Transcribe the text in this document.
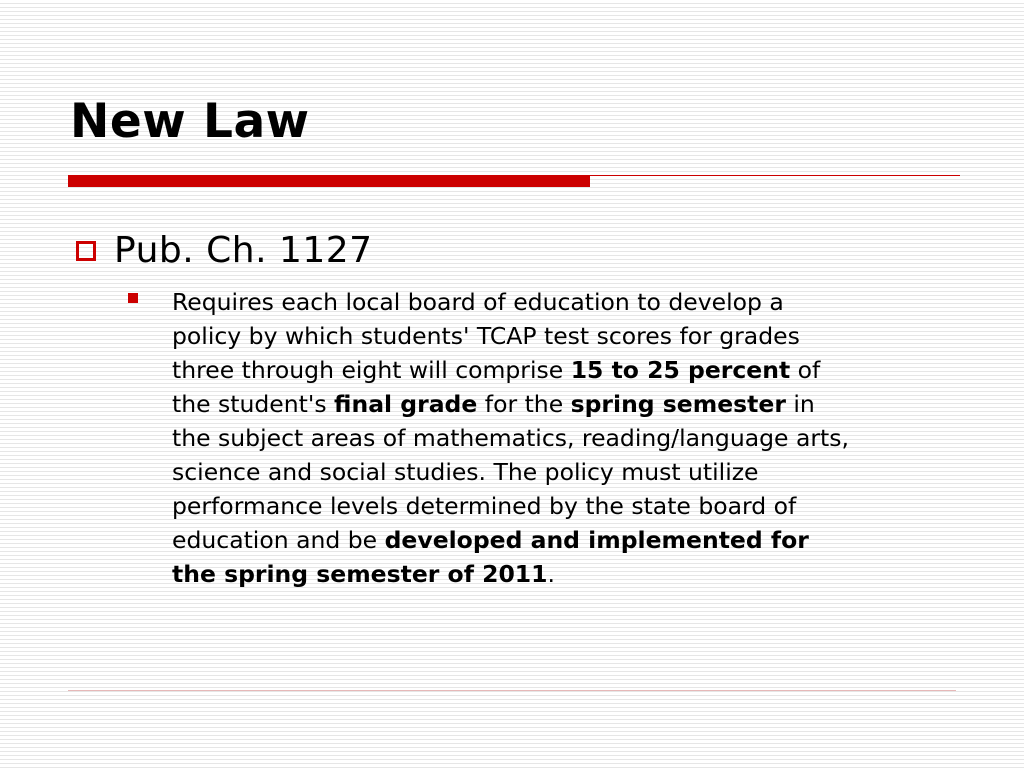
New Law
Pub. Ch. 1127
Requires each local board of education to develop a
policy by which students' TCAP test scores for grades
three through eight will comprise 15 to 25 percent of
the student's final grade for the spring semester in
the subject areas of mathematics, reading/language arts,
science and social studies. The policy must utilize
performance levels determined by the state board of
education and be developed and implemented for
the spring semester of 2011.
